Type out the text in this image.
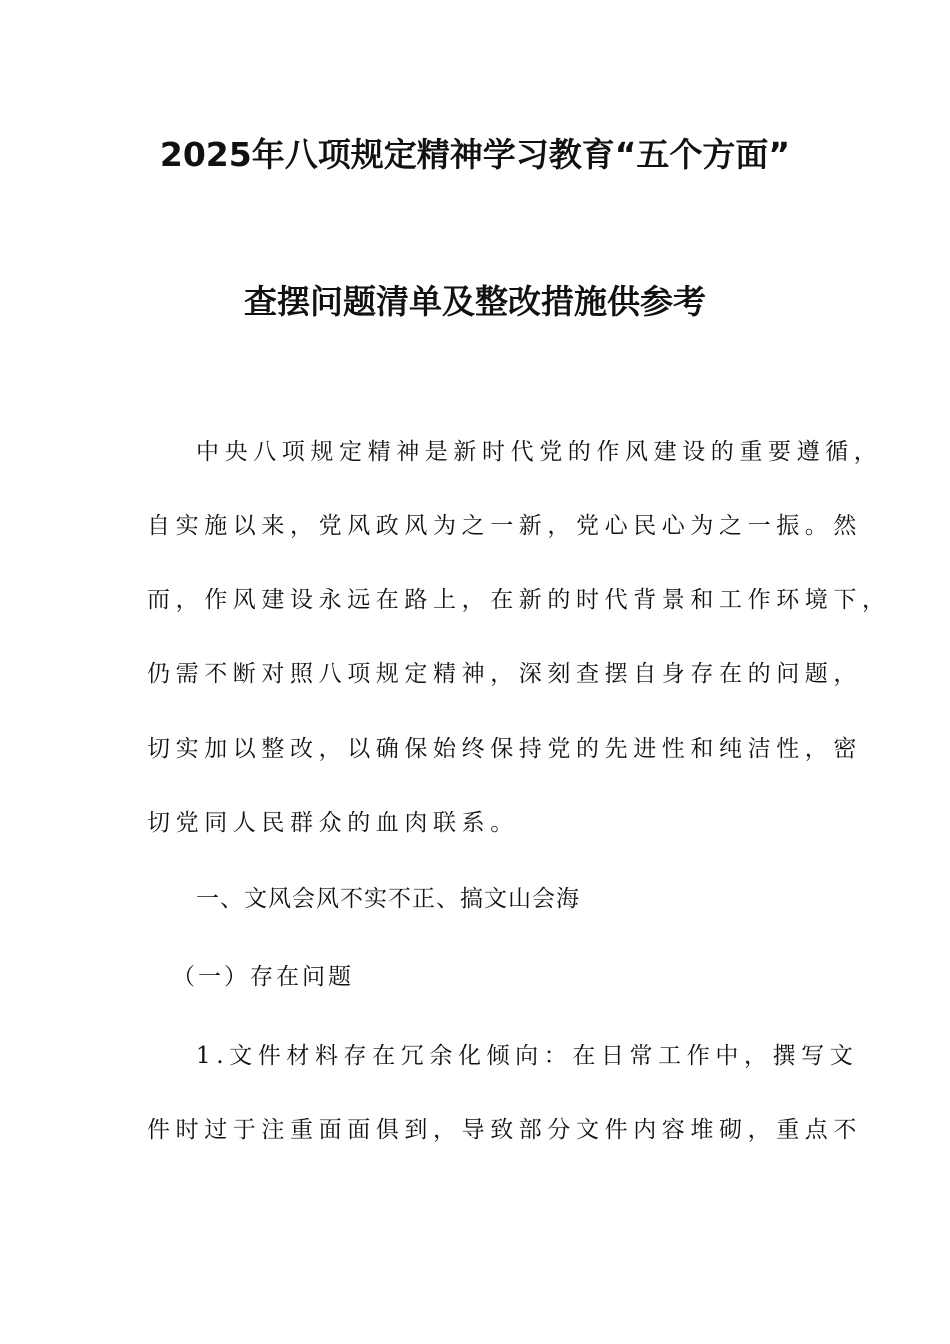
2025年八项规定精神学习教育“五个方面”
查摆问题清单及整改措施供参考
中央八项规定精神是新时代党的作风建设的重要遵循，
自实施以来，党风政风为之一新，党心民心为之一振。然
而，作风建设永远在路上，在新的时代背景和工作环境下，
仍需不断对照八项规定精神，深刻查摆自身存在的问题，
切实加以整改，以确保始终保持党的先进性和纯洁性，密
切党同人民群众的血肉联系。
一、文风会风不实不正、搞文山会海
（一）存在问题
1.文件材料存在冗余化倾向：在日常工作中，撰写文
件时过于注重面面俱到，导致部分文件内容堆砌，重点不
